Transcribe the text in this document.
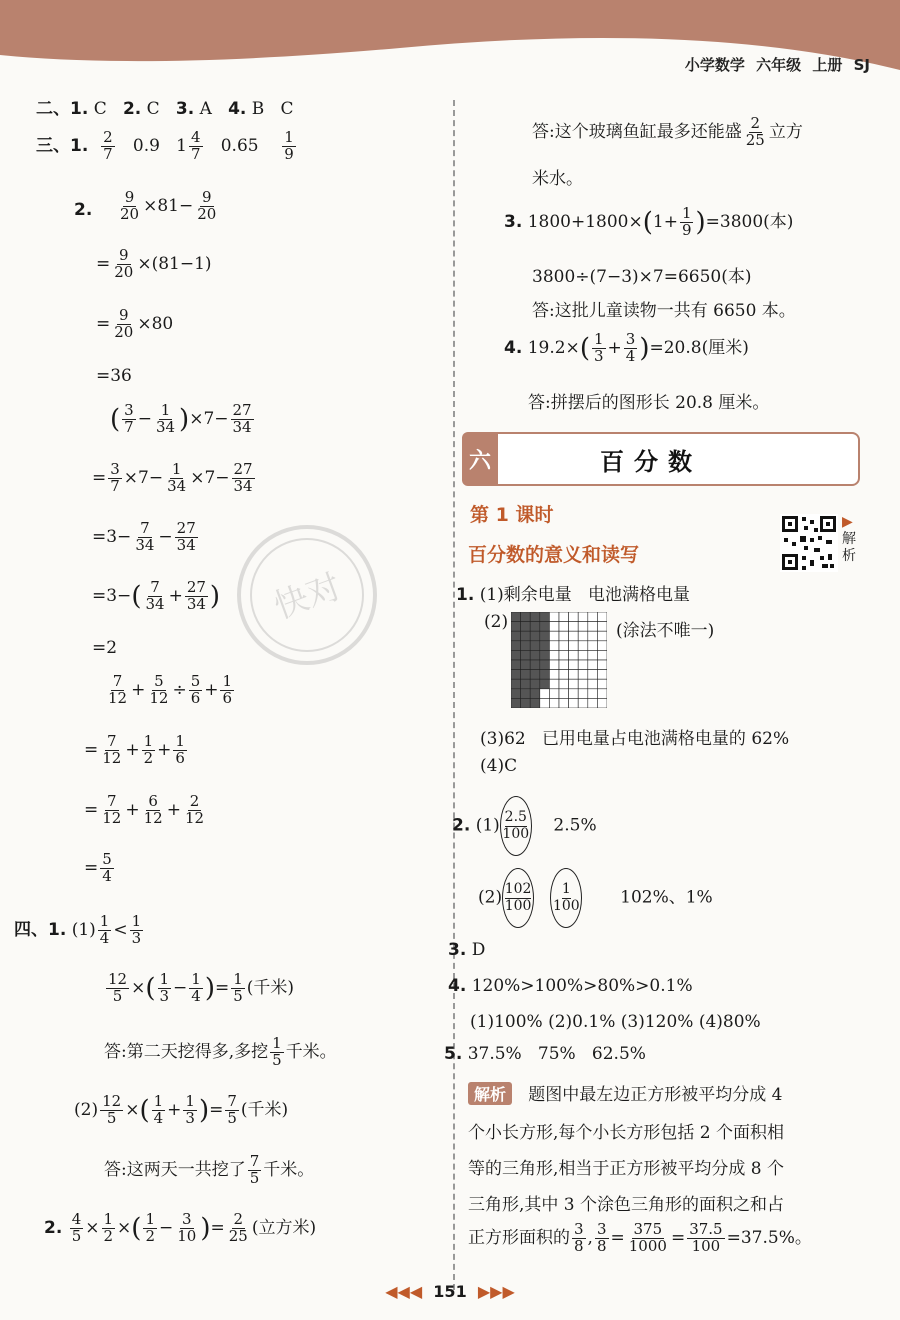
小学数学 六年级 上册 SJ
二、1. C 2. C 3. A 4. B C
三、1. $\frac{2}{7} 0.9$ $1 \frac{4}{7} 0.65 \frac{1}{9}$
2. $\frac{9}{20} \times 81- \frac{9}{20}$
= $\frac{9}{20} \times(81-1)$
= $\frac{9}{20} \times 80$
=36
( $\frac{3}{7} - \frac{1}{34} )\times 7- \frac{27}{34}$
= $\frac{3}{7} \times 7- \frac{1}{34} \times 7- \frac{27}{34}$
$=3- \frac{7}{34} - \frac{27}{34}$
$=3-( \frac{7}{34} + \frac{27}{34}$ )
=2
$\frac{7}{12} + \frac{5}{12} \div \frac{5}{6} + \frac{1}{6}$
= $\frac{7}{12} + \frac{1}{2} + \frac{1}{6}$
= $\frac{7}{12} + \frac{6}{12} + \frac{2}{12}$
= $\frac{5}{4}$
四、1. $(1) \frac{1}{4} < \frac{1}{3}$
$\frac{12}{5}$ ×( $\frac{1}{3} - \frac{1}{4}$ )= $\frac{1}{5}$ (千米)
答:第二天挖得多,多挖 $\frac{1}{5}$ 千米。
$(2) \frac{12}{5}$ ×( $\frac{1}{4} + \frac{1}{3}$ )= $\frac{7}{5}$ (千米)
答:这两天一共挖了 $\frac{7}{5}$ 千米。
2. $\frac{4}{5} \times \frac{1}{2}$ ×( $\frac{1}{2} - \frac{3}{10}$ )= $\frac{2}{25}$ (立方米)
快对
答:这个玻璃鱼缸最多还能盛 $\frac{2}{25}$ 立方
米水。
3. $1800+1800\times(1+ \frac{1}{9} )=3800$(本)
3800÷(7−3)×7=6650(本)
答:这批儿童读物一共有 6650 本。
4. $19.2\times( \frac{1}{3} + \frac{3}{4} )=20.8$(厘米)
答:拼摆后的图形长 20.8 厘米。
六	百分数
第 1 课时
百分数的意义和读写
▶
解析
1. (1)剩余电量 电池满格电量
(2)	(涂法不唯一)
(3)62 已用电量占电池满格电量的 62%
(4)C
2. $(1) \frac{2.5}{100} 2.5\%$
$(2) \frac{102}{100}$
$\frac{1}{100} 102\%$、1%
3. D
4. 120%>100%>80%>0.1%
(1)100% (2)0.1% (3)120% (4)80%
5. 37.5%   75%   62.5%
解析 题图中最左边正方形被平均分成 4
个小长方形,每个小长方形包括 2 个面积相
等的三角形,相当于正方形被平均分成 8 个
三角形,其中 3 个涂色三角形的面积之和占
正方形面积的 $\frac{3}{8}$ , $\frac{3}{8} = \frac{375}{1000} = \frac{37.5}{100} =37.5\%$。
◀◀◀ 151 ▶▶▶
